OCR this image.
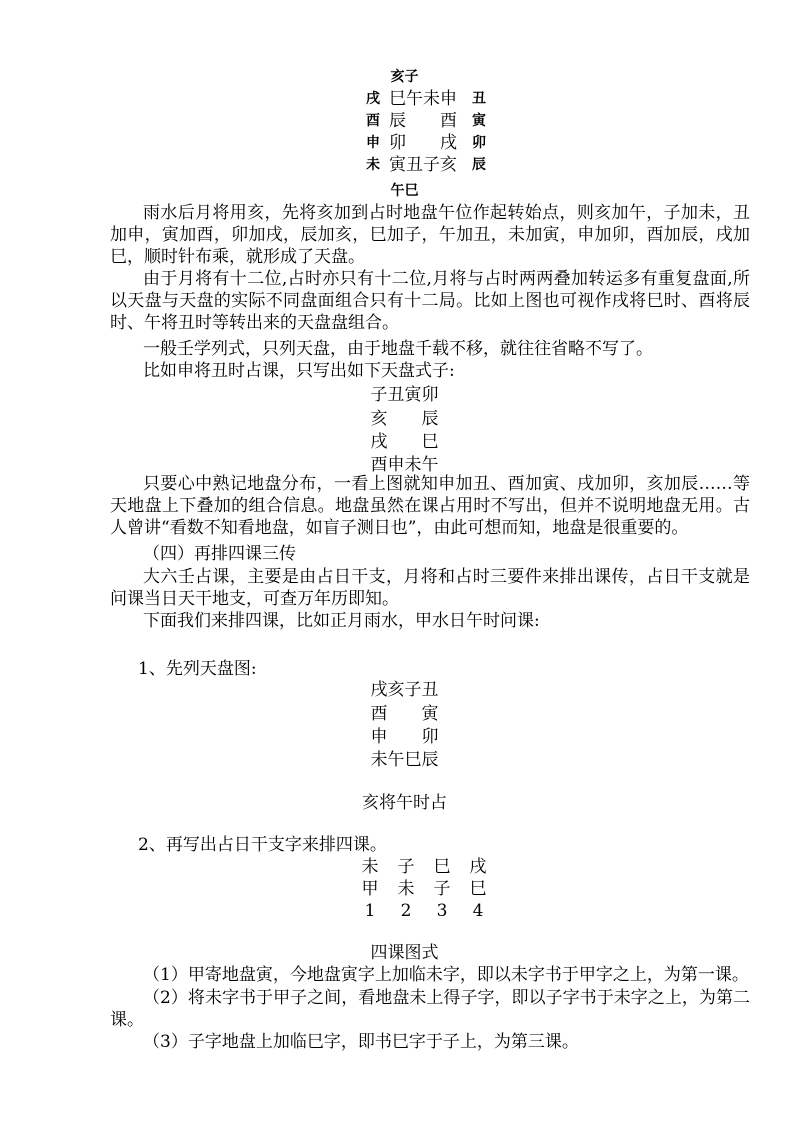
亥子
戌 巳午未申 丑
酉 辰　　酉 寅
申 卯　　戌 卯
未 寅丑子亥 辰
午巳
雨水后月将用亥，先将亥加到占时地盘午位作起转始点，则亥加午，子加未，丑加申，寅加酉，卯加戌，辰加亥，巳加子，午加丑，未加寅，申加卯，酉加辰，戌加巳，顺时针布乘，就形成了天盘。
由于月将有十二位,占时亦只有十二位,月将与占时两两叠加转运多有重复盘面,所以天盘与天盘的实际不同盘面组合只有十二局。比如上图也可视作戌将巳时、酉将辰时、午将丑时等转出来的天盘盘组合。
一般壬学列式，只列天盘，由于地盘千载不移，就往往省略不写了。
比如申将丑时占课，只写出如下天盘式子:
子丑寅卯
亥　　辰
戌　　巳
酉申未午
只要心中熟记地盘分布，一看上图就知申加丑、酉加寅、戌加卯，亥加辰……等天地盘上下叠加的组合信息。地盘虽然在课占用时不写出，但并不说明地盘无用。古人曾讲“看数不知看地盘，如盲子测日也”，由此可想而知，地盘是很重要的。
（四）再排四课三传
大六壬占课，主要是由占日干支，月将和占时三要件来排出课传，占日干支就是问课当日天干地支，可查万年历即知。
下面我们来排四课，比如正月雨水，甲水日午时问课:
1、先列天盘图:
戌亥子丑
酉　　寅
申　　卯
未午巳辰
亥将午时占
2、再写出占日干支字来排四课。
未 子 巳 戌
甲 未 子 巳
1 2 3 4
四课图式
（1）甲寄地盘寅，今地盘寅字上加临未字，即以未字书于甲字之上，为第一课。
（2）将未字书于甲子之间，看地盘未上得子字，即以子字书于未字之上，为第二课。
（3）子字地盘上加临巳字，即书巳字于子上，为第三课。
